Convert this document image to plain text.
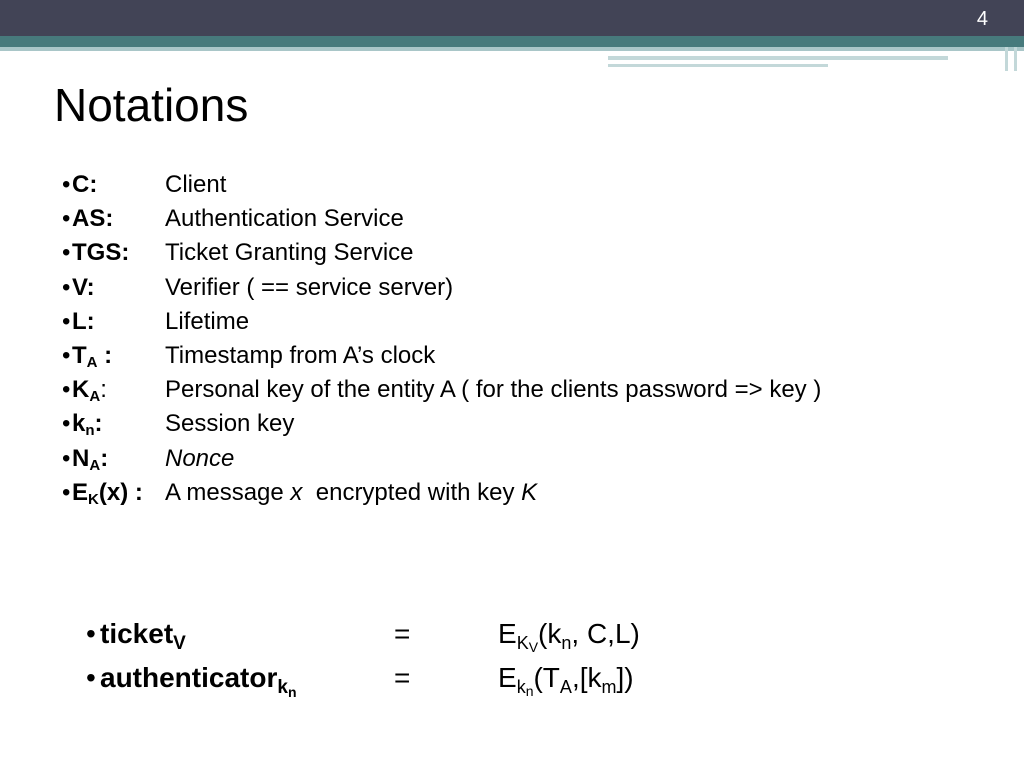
4
Notations
• C:	Client
• AS: Authentication Service
• TGS: Ticket Granting Service
• V:	Verifier ( == service server)
• L:	Lifetime
• $T_A$ : Timestamp from A’s clock
• $K_A$: Personal key of the entity A ( for the clients password => key )
• $k_n$:	Session key
• $N_A$: Nonce
• $E_K(x)$ : A message x  encrypted with key K
• ticket$_V$	=	$E_{K_V}(k_n$, C,L)
• authenticator$_{k_n}$	=	$E_{k_n}(T_A,[k_m])$
